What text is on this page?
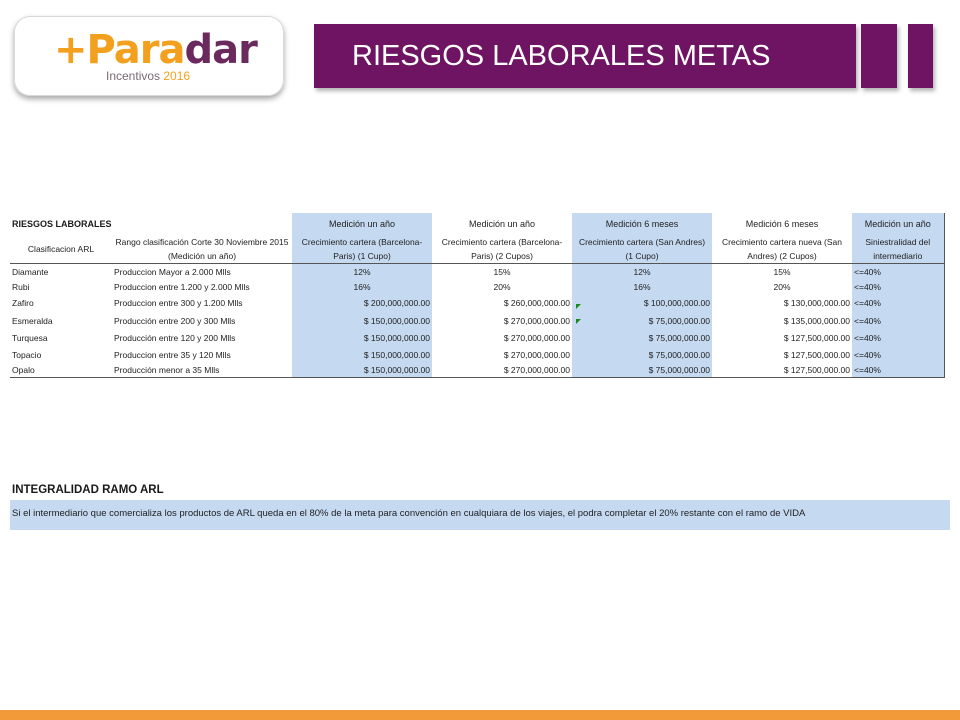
+Paradar
Incentivos 2016
RIESGOS LABORALES METAS
RIESGOS LABORALES		Medición un año	Medición un año	Medición 6 meses	Medición 6 meses	Medición un año
Clasificacion ARL	Rango clasificación Corte 30 Noviembre 2015 (Medición un año)	Crecimiento cartera (Barcelona-Paris) (1 Cupo)	Crecimiento cartera (Barcelona-Paris) (2 Cupos)	Crecimiento cartera (San Andres) (1 Cupo)	Crecimiento cartera nueva (San Andres) (2 Cupos)	Siniestralidad del intermediario
Diamante	Produccion Mayor a 2.000 Mlls	12%	15%	12%	15%	<=40%
Rubi	Produccion entre 1.200 y 2.000 Mlls	16%	20%	16%	20%	<=40%
Zafiro	Produccion entre 300 y 1.200 Mlls	$ 200,000,000.00	$ 260,000,000.00	$ 100,000,000.00	$ 130,000,000.00	<=40%
Esmeralda	Producción entre 200 y 300 Mlls	$ 150,000,000.00	$ 270,000,000.00	$ 75,000,000.00	$ 135,000,000.00	<=40%
Turquesa	Producción entre 120 y 200 Mlls	$ 150,000,000.00	$ 270,000,000.00	$ 75,000,000.00	$ 127,500,000.00	<=40%
Topacio	Produccion entre 35 y 120 Mlls	$ 150,000,000.00	$ 270,000,000.00	$ 75,000,000.00	$ 127,500,000.00	<=40%
Opalo	Producción menor a 35 Mlls	$ 150,000,000.00	$ 270,000,000.00	$ 75,000,000.00	$ 127,500,000.00	<=40%
INTEGRALIDAD RAMO ARL
Si el intermediario que comercializa los productos de ARL queda en el 80% de la meta para convención en cualquiara de los viajes, el podra completar el 20% restante con el ramo de VIDA
